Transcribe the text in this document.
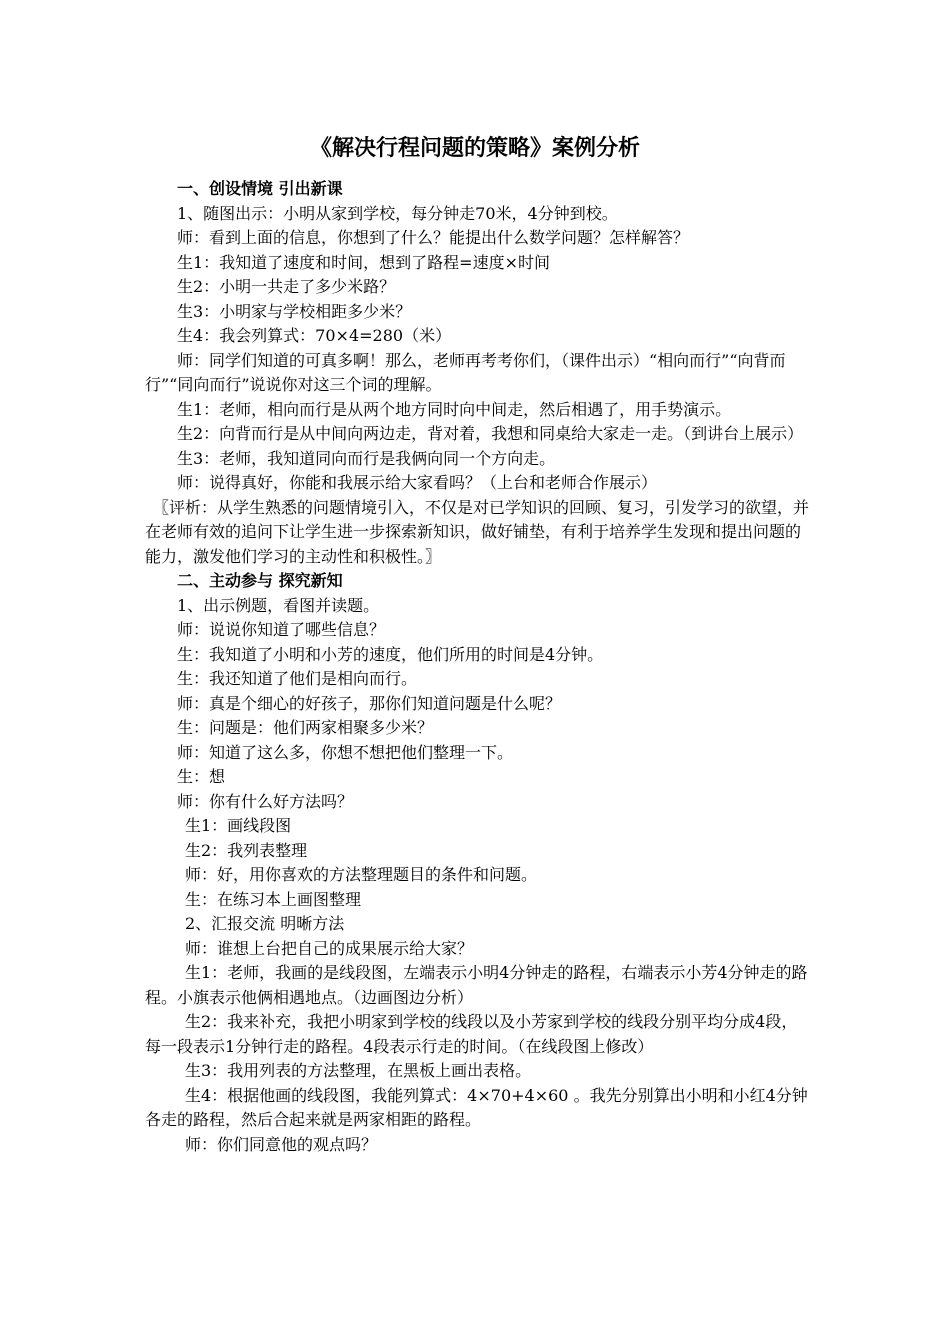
《解决行程问题的策略》案例分析

一、创设情境 引出新课

1、随图出示：小明从家到学校，每分钟走70米，4分钟到校。

师：看到上面的信息，你想到了什么？能提出什么数学问题？怎样解答？

生1：我知道了速度和时间，想到了路程=速度×时间

生2：小明一共走了多少米路？

生3：小明家与学校相距多少米？

生4：我会列算式：70×4=280（米）

师：同学们知道的可真多啊！那么，老师再考考你们，（课件出示）“相向而行”“向背而行”“同向而行”说说你对这三个词的理解。

生1：老师，相向而行是从两个地方同时向中间走，然后相遇了，用手势演示。

生2：向背而行是从中间向两边走，背对着，我想和同桌给大家走一走。（到讲台上展示）

生3：老师，我知道同向而行是我俩向同一个方向走。

师：说得真好，你能和我展示给大家看吗？（上台和老师合作展示）

〖评析：从学生熟悉的问题情境引入，不仅是对已学知识的回顾、复习，引发学习的欲望，并在老师有效的追问下让学生进一步探索新知识，做好铺垫，有利于培养学生发现和提出问题的能力，激发他们学习的主动性和积极性。〗

二、主动参与 探究新知

1、出示例题，看图并读题。

师：说说你知道了哪些信息？

生：我知道了小明和小芳的速度，他们所用的时间是4分钟。

生：我还知道了他们是相向而行。

师：真是个细心的好孩子，那你们知道问题是什么呢？

生：问题是：他们两家相聚多少米？

师：知道了这么多，你想不想把他们整理一下。

生：想

师：你有什么好方法吗？

生1：画线段图

生2：我列表整理

师：好，用你喜欢的方法整理题目的条件和问题。

生：在练习本上画图整理

2、汇报交流 明晰方法

师：谁想上台把自己的成果展示给大家？

生1：老师，我画的是线段图，左端表示小明4分钟走的路程，右端表示小芳4分钟走的路程。小旗表示他俩相遇地点。（边画图边分析）

生2：我来补充，我把小明家到学校的线段以及小芳家到学校的线段分别平均分成4段，每一段表示1分钟行走的路程。4段表示行走的时间。（在线段图上修改）

生3：我用列表的方法整理，在黑板上画出表格。

生4：根据他画的线段图，我能列算式：4×70+4×60 。我先分别算出小明和小红4分钟各走的路程，然后合起来就是两家相距的路程。

师：你们同意他的观点吗？
